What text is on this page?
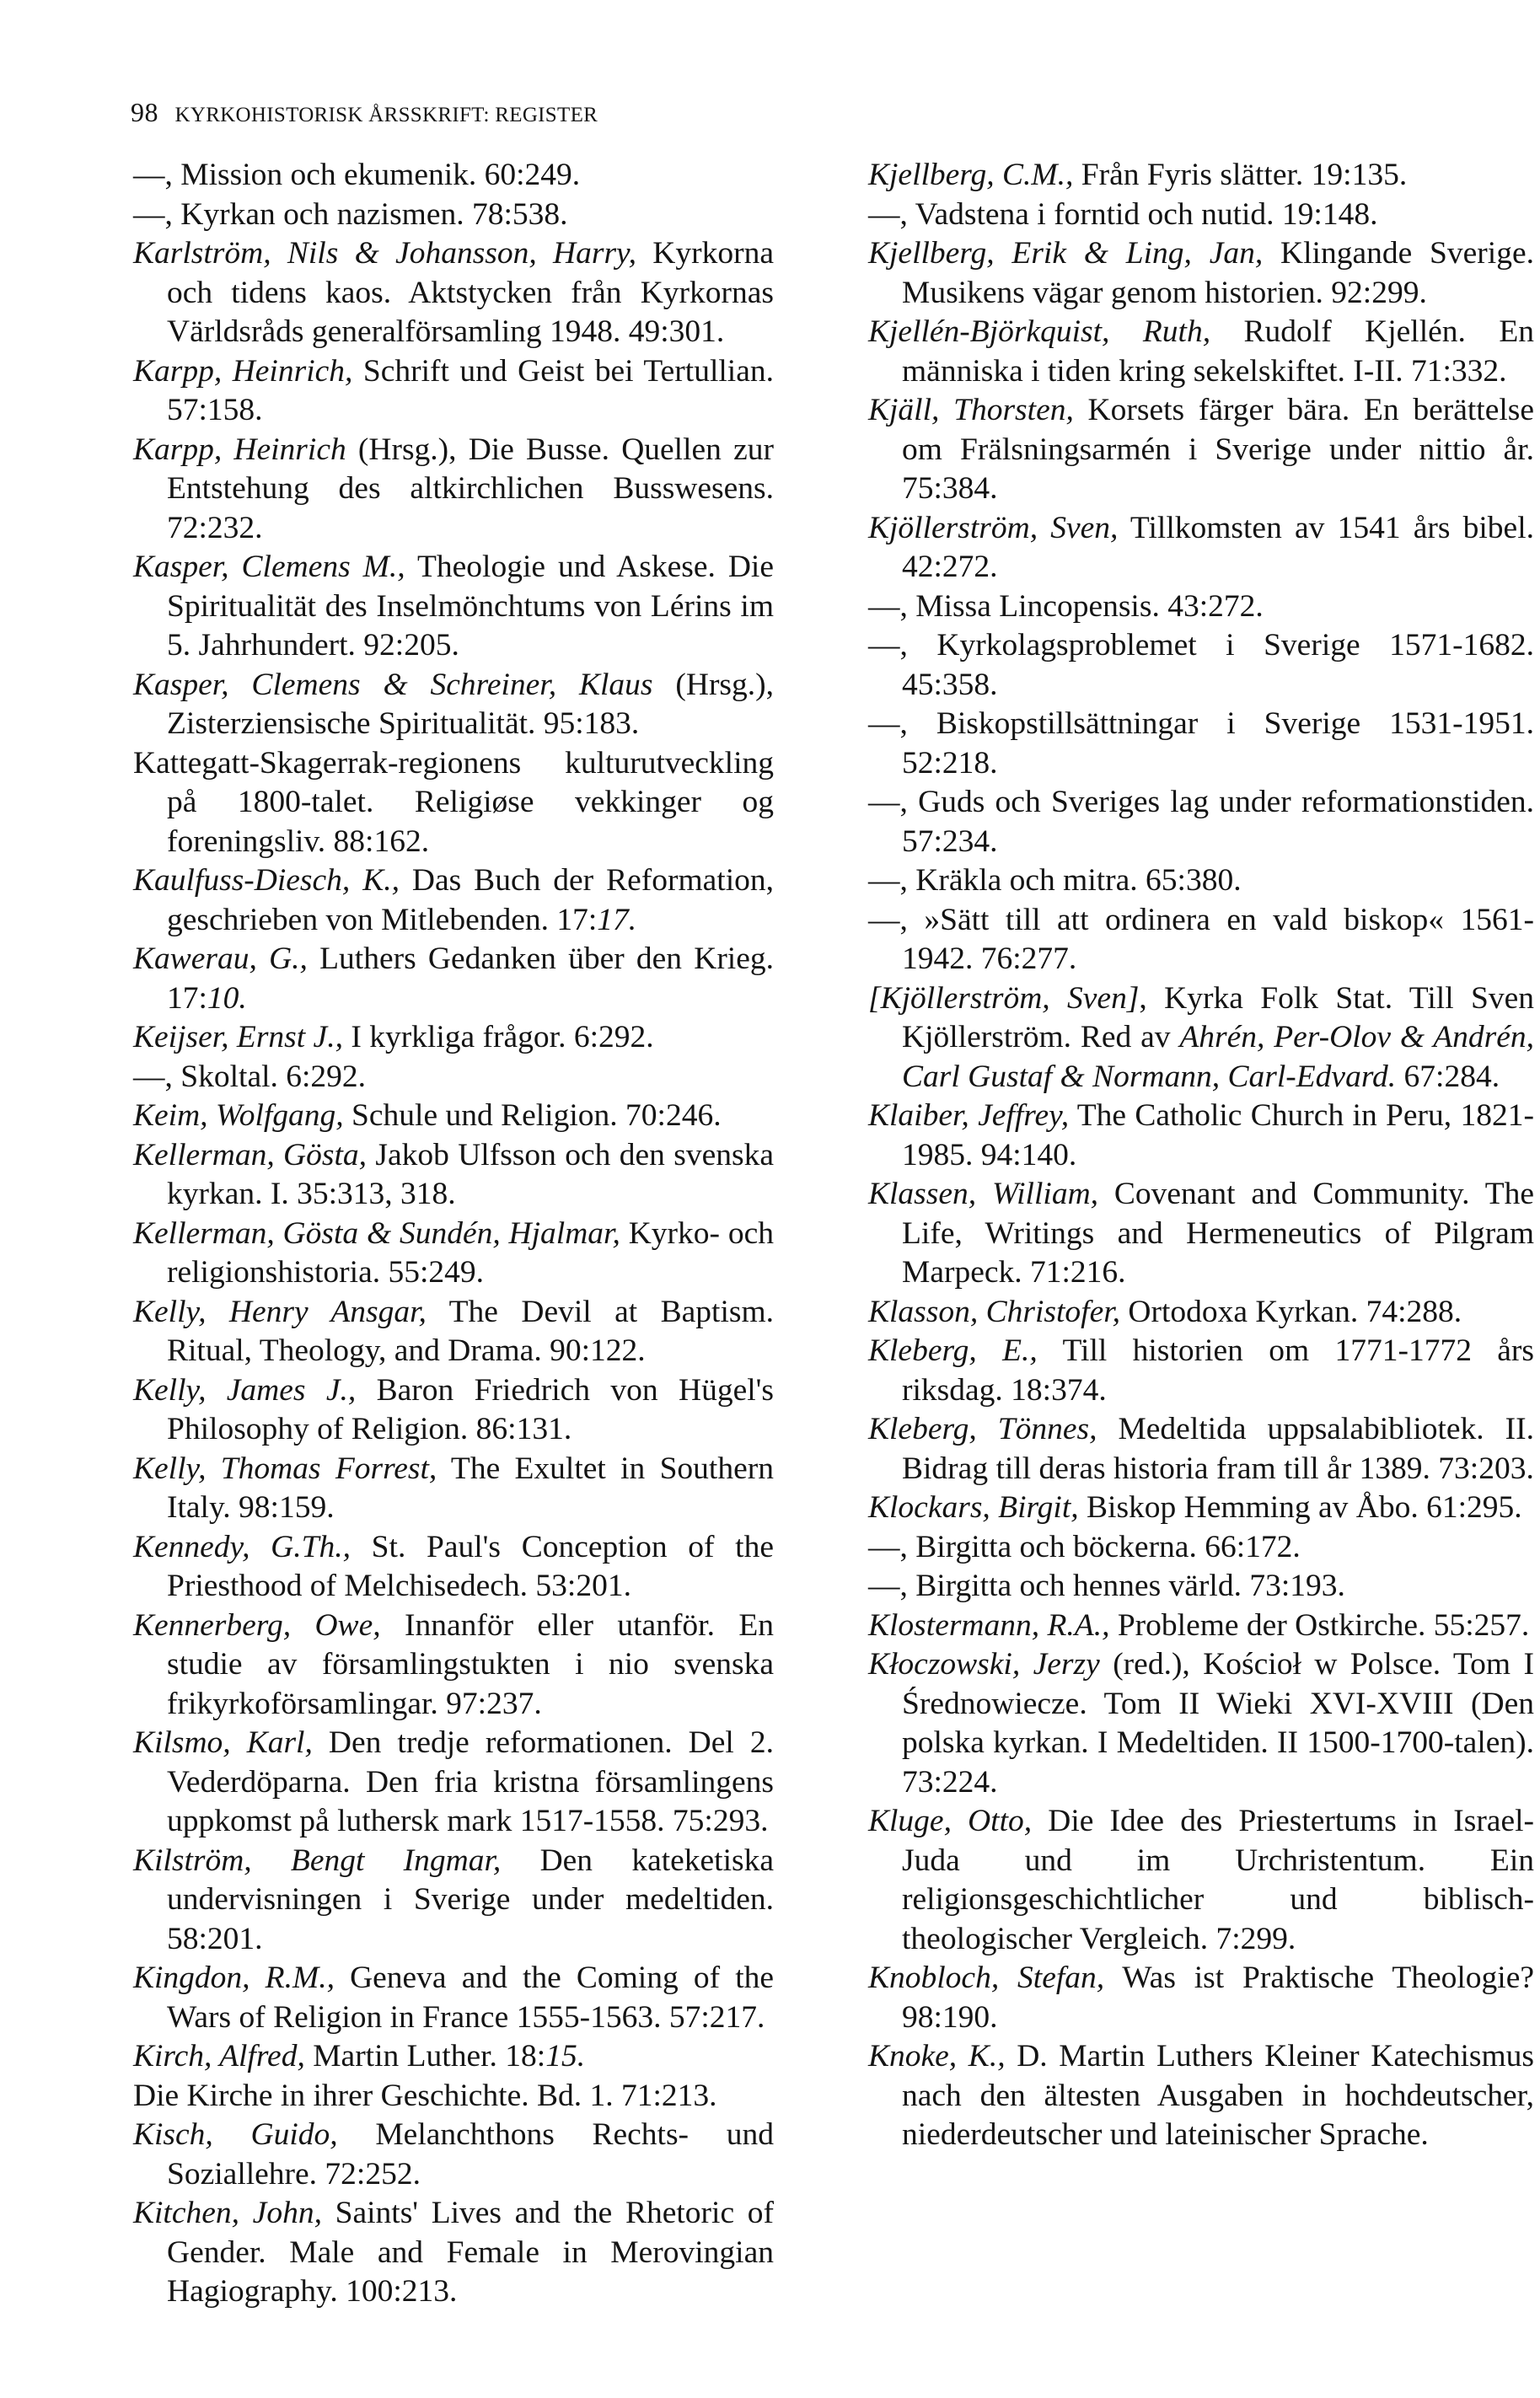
98 KYRKOHISTORISK ÅRSSKRIFT: REGISTER

—, Mission och ekumenik. 60:249.

—, Kyrkan och nazismen. 78:538.

Karlström, Nils & Johansson, Harry, Kyrkorna och tidens kaos. Aktstycken från Kyrkornas Världsråds generalförsamling 1948. 49:301.

Karpp, Heinrich, Schrift und Geist bei Tertullian. 57:158.

Karpp, Heinrich (Hrsg.), Die Busse. Quellen zur Entstehung des altkirchlichen Busswesens. 72:232.

Kasper, Clemens M., Theologie und Askese. Die Spiritualität des Inselmönchtums von Lérins im 5. Jahrhundert. 92:205.

Kasper, Clemens & Schreiner, Klaus (Hrsg.), Zisterziensische Spiritualität. 95:183.

Kattegatt-Skagerrak-regionens kulturutveckling på 1800-talet. Religiøse vekkinger og foreningsliv. 88:162.

Kaulfuss-Diesch, K., Das Buch der Reformation, geschrieben von Mitlebenden. 17:17.

Kawerau, G., Luthers Gedanken über den Krieg. 17:10.

Keijser, Ernst J., I kyrkliga frågor. 6:292.

—, Skoltal. 6:292.

Keim, Wolfgang, Schule und Religion. 70:246.

Kellerman, Gösta, Jakob Ulfsson och den svenska kyrkan. I. 35:313, 318.

Kellerman, Gösta & Sundén, Hjalmar, Kyrko- och religionshistoria. 55:249.

Kelly, Henry Ansgar, The Devil at Baptism. Ritual, Theology, and Drama. 90:122.

Kelly, James J., Baron Friedrich von Hügel's Philosophy of Religion. 86:131.

Kelly, Thomas Forrest, The Exultet in Southern Italy. 98:159.

Kennedy, G.Th., St. Paul's Conception of the Priesthood of Melchisedech. 53:201.

Kennerberg, Owe, Innanför eller utanför. En studie av församlingstukten i nio svenska frikyrkoförsamlingar. 97:237.

Kilsmo, Karl, Den tredje reformationen. Del 2. Vederdöparna. Den fria kristna församlingens uppkomst på luthersk mark 1517-1558. 75:293.

Kilström, Bengt Ingmar, Den kateketiska undervisningen i Sverige under medeltiden. 58:201.

Kingdon, R.M., Geneva and the Coming of the Wars of Religion in France 1555-1563. 57:217.

Kirch, Alfred, Martin Luther. 18:15.

Die Kirche in ihrer Geschichte. Bd. 1. 71:213.

Kisch, Guido, Melanchthons Rechts- und Soziallehre. 72:252.

Kitchen, John, Saints' Lives and the Rhetoric of Gender. Male and Female in Merovingian Hagiography. 100:213.

Kjellberg, C.M., Från Fyris slätter. 19:135.

—, Vadstena i forntid och nutid. 19:148.

Kjellberg, Erik & Ling, Jan, Klingande Sverige. Musikens vägar genom historien. 92:299.

Kjellén-Björkquist, Ruth, Rudolf Kjellén. En människa i tiden kring sekelskiftet. I-II. 71:332.

Kjäll, Thorsten, Korsets färger bära. En berättelse om Frälsningsarmén i Sverige under nittio år. 75:384.

Kjöllerström, Sven, Tillkomsten av 1541 års bibel. 42:272.

—, Missa Lincopensis. 43:272.

—, Kyrkolagsproblemet i Sverige 1571-1682. 45:358.

—, Biskopstillsättningar i Sverige 1531-1951. 52:218.

—, Guds och Sveriges lag under reformationstiden. 57:234.

—, Kräkla och mitra. 65:380.

—, »Sätt till att ordinera en vald biskop« 1561-1942. 76:277.

[Kjöllerström, Sven], Kyrka Folk Stat. Till Sven Kjöllerström. Red av Ahrén, Per-Olov & Andrén, Carl Gustaf & Normann, Carl-Edvard. 67:284.

Klaiber, Jeffrey, The Catholic Church in Peru, 1821-1985. 94:140.

Klassen, William, Covenant and Community. The Life, Writings and Hermeneutics of Pilgram Marpeck. 71:216.

Klasson, Christofer, Ortodoxa Kyrkan. 74:288.

Kleberg, E., Till historien om 1771-1772 års riksdag. 18:374.

Kleberg, Tönnes, Medeltida uppsalabibliotek. II. Bidrag till deras historia fram till år 1389. 73:203.

Klockars, Birgit, Biskop Hemming av Åbo. 61:295.

—, Birgitta och böckerna. 66:172.

—, Birgitta och hennes värld. 73:193.

Klostermann, R.A., Probleme der Ostkirche. 55:257.

Kłoczowski, Jerzy (red.), Kościoł w Polsce. Tom I Średnowiecze. Tom II Wieki XVI-XVIII (Den polska kyrkan. I Medeltiden. II 1500-1700-talen). 73:224.

Kluge, Otto, Die Idee des Priestertums in Israel-Juda und im Urchristentum. Ein religionsgeschichtlicher und biblisch-theologischer Vergleich. 7:299.

Knobloch, Stefan, Was ist Praktische Theologie? 98:190.

Knoke, K., D. Martin Luthers Kleiner Katechismus nach den ältesten Ausgaben in hochdeutscher, niederdeutscher und lateinischer Sprache.
